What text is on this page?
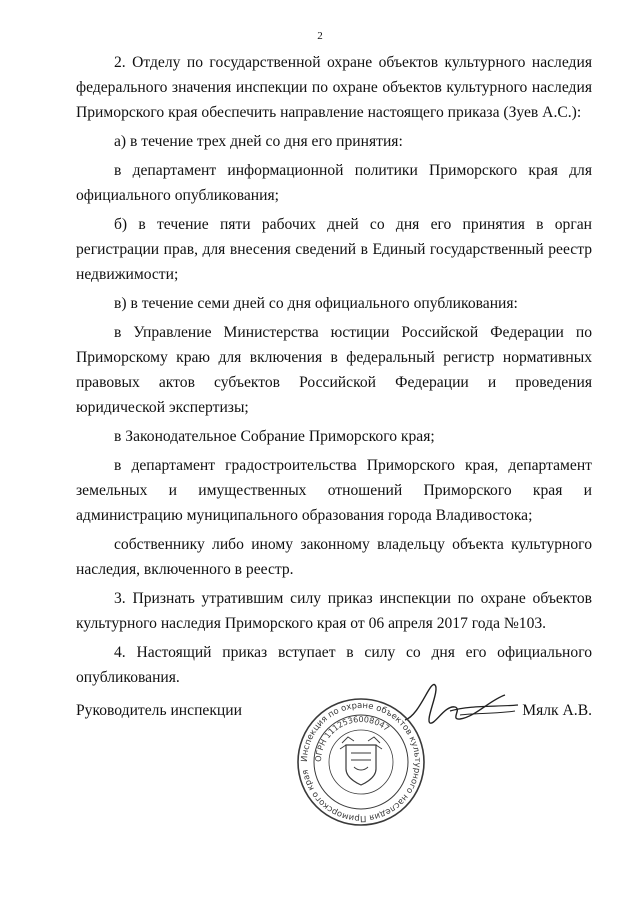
2

2. Отделу по государственной охране объектов культурного наследия федерального значения инспекции по охране объектов культурного наследия Приморского края обеспечить направление настоящего приказа (Зуев А.С.):

а) в течение трех дней со дня его принятия:

в департамент информационной политики Приморского края для официального опубликования;

б) в течение пяти рабочих дней со дня его принятия в орган регистрации прав, для внесения сведений в Единый государственный реестр недвижимости;

в) в течение семи дней со дня официального опубликования:

в Управление Министерства юстиции Российской Федерации по Приморскому краю для включения в федеральный регистр нормативных правовых актов субъектов Российской Федерации и проведения юридической экспертизы;

в Законодательное Собрание Приморского края;

в департамент градостроительства Приморского края, департамент земельных и имущественных отношений Приморского края и администрацию муниципального образования города Владивостока;

собственнику либо иному законному владельцу объекта культурного наследия, включенного в реестр.

3. Признать утратившим силу приказ инспекции по охране объектов культурного наследия Приморского края от 06 апреля 2017 года №103.

4. Настоящий приказ вступает в силу со дня его официального опубликования.

Руководитель инспекции	Мялк А.В.
Инспекция по охране объектов культурного наследия Приморского края
ОГРН 1112536008047
